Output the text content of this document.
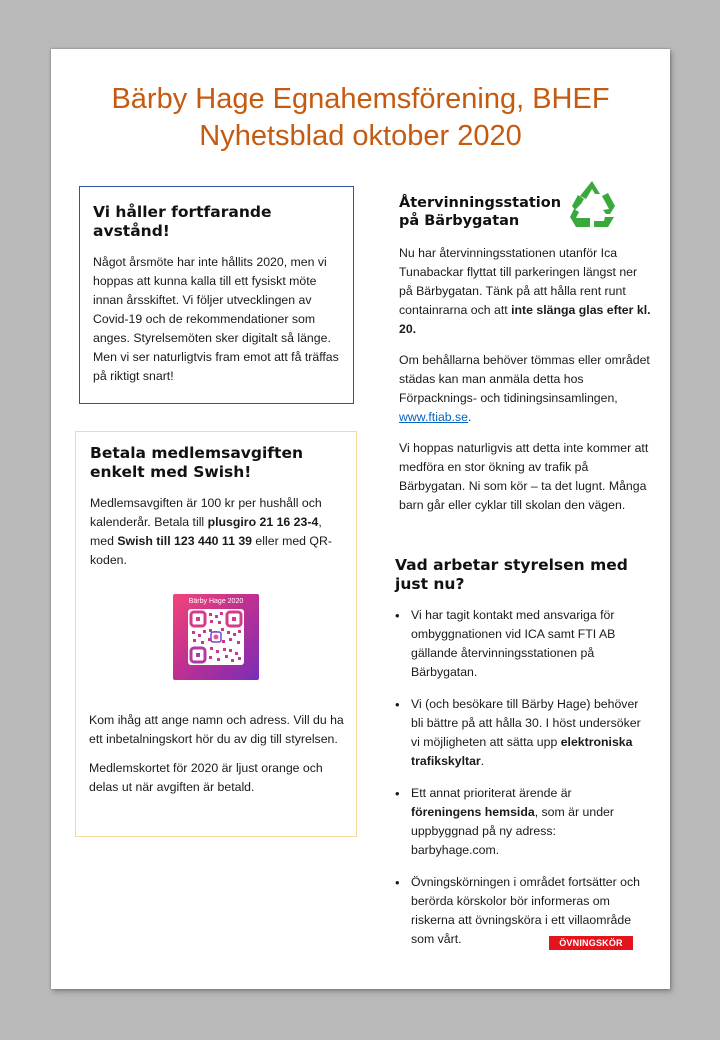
Bärby Hage Egnahemsförening, BHEF
Nyhetsblad oktober 2020
Vi håller fortfarande avstånd!

Något årsmöte har inte hållits 2020, men vi hoppas att kunna kalla till ett fysiskt möte innan årsskiftet. Vi följer utvecklingen av Covid-19 och de rekommendationer som anges. Styrelsemöten sker digitalt så länge. Men vi ser naturligtvis fram emot att få träffas på riktigt snart!

Betala medlemsavgiften enkelt med Swish!

Medlemsavgiften är 100 kr per hushåll och kalenderår. Betala till plusgiro 21 16 23-4, med Swish till 123 440 11 39 eller med QR-koden.

Bärby Hage 2020

Kom ihåg att ange namn och adress. Vill du ha ett inbetalningskort hör du av dig till styrelsen.

Medlemskortet för 2020 är ljust orange och delas ut när avgiften är betald.

Återvinningsstation på Bärbygatan

Nu har återvinningsstationen utanför Ica Tunabackar flyttat till parkeringen längst ner på Bärbygatan. Tänk på att hålla rent runt containrarna och att inte slänga glas efter kl. 20.

Om behållarna behöver tömmas eller området städas kan man anmäla detta hos Förpacknings- och tidiningsinsamlingen, www.ftiab.se.

Vi hoppas naturligvis att detta inte kommer att medföra en stor ökning av trafik på Bärbygatan. Ni som kör – ta det lugnt. Många barn går eller cyklar till skolan den vägen.

Vad arbetar styrelsen med just nu?
• Vi har tagit kontakt med ansvariga för ombyggnationen vid ICA samt FTI AB gällande återvinningsstationen på Bärbygatan.
• Vi (och besökare till Bärby Hage) behöver bli bättre på att hålla 30. I höst undersöker vi möjligheten att sätta upp elektroniska trafikskyltar.
• Ett annat prioriterat ärende är föreningens hemsida, som är under uppbyggnad på ny adress: barbyhage.com.
• Övningskörningen i området fortsätter och berörda körskolor bör informeras om riskerna att övningsköra i ett villaområde som vårt.	ÖVNINGSKÖR
